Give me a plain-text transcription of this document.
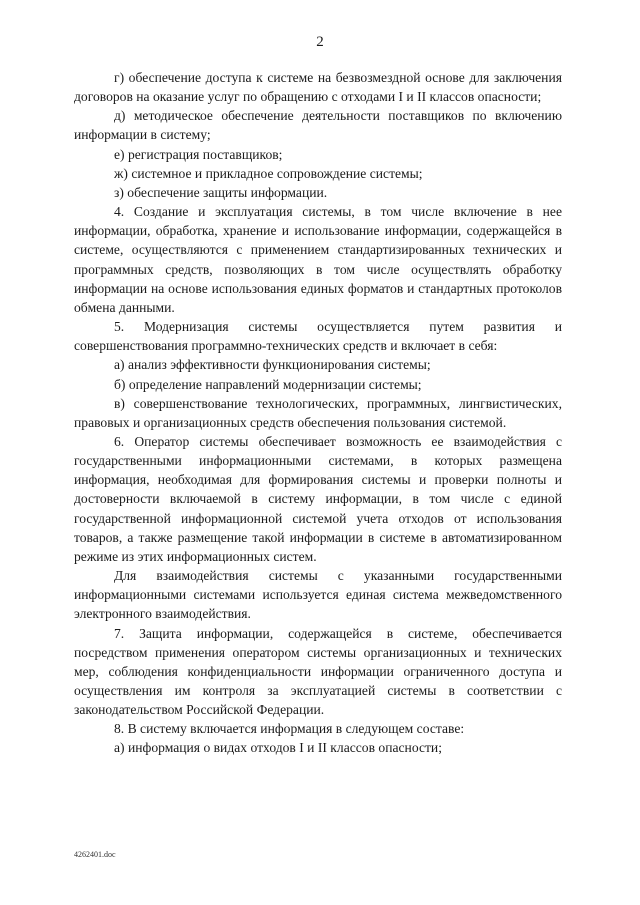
2

г) обеспечение доступа к системе на безвозмездной основе для заключения договоров на оказание услуг по обращению с отходами I и II классов опасности;

д) методическое обеспечение деятельности поставщиков по включению информации в систему;

е) регистрация поставщиков;

ж) системное и прикладное сопровождение системы;

з) обеспечение защиты информации.

4. Создание и эксплуатация системы, в том числе включение в нее информации, обработка, хранение и использование информации, содержащейся в системе, осуществляются с применением стандартизированных технических и программных средств, позволяющих в том числе осуществлять обработку информации на основе использования единых форматов и стандартных протоколов обмена данными.

5. Модернизация системы осуществляется путем развития и совершенствования программно-технических средств и включает в себя:

а) анализ эффективности функционирования системы;

б) определение направлений модернизации системы;

в) совершенствование технологических, программных, лингвистических, правовых и организационных средств обеспечения пользования системой.

6. Оператор системы обеспечивает возможность ее взаимодействия с государственными информационными системами, в которых размещена информация, необходимая для формирования системы и проверки полноты и достоверности включаемой в систему информации, в том числе с единой государственной информационной системой учета отходов от использования товаров, а также размещение такой информации в системе в автоматизированном режиме из этих информационных систем.

Для взаимодействия системы с указанными государственными информационными системами используется единая система межведомственного электронного взаимодействия.

7. Защита информации, содержащейся в системе, обеспечивается посредством применения оператором системы организационных и технических мер, соблюдения конфиденциальности информации ограниченного доступа и осуществления им контроля за эксплуатацией системы в соответствии с законодательством Российской Федерации.

8. В систему включается информация в следующем составе:

а) информация о видах отходов I и II классов опасности;

4262401.doc
